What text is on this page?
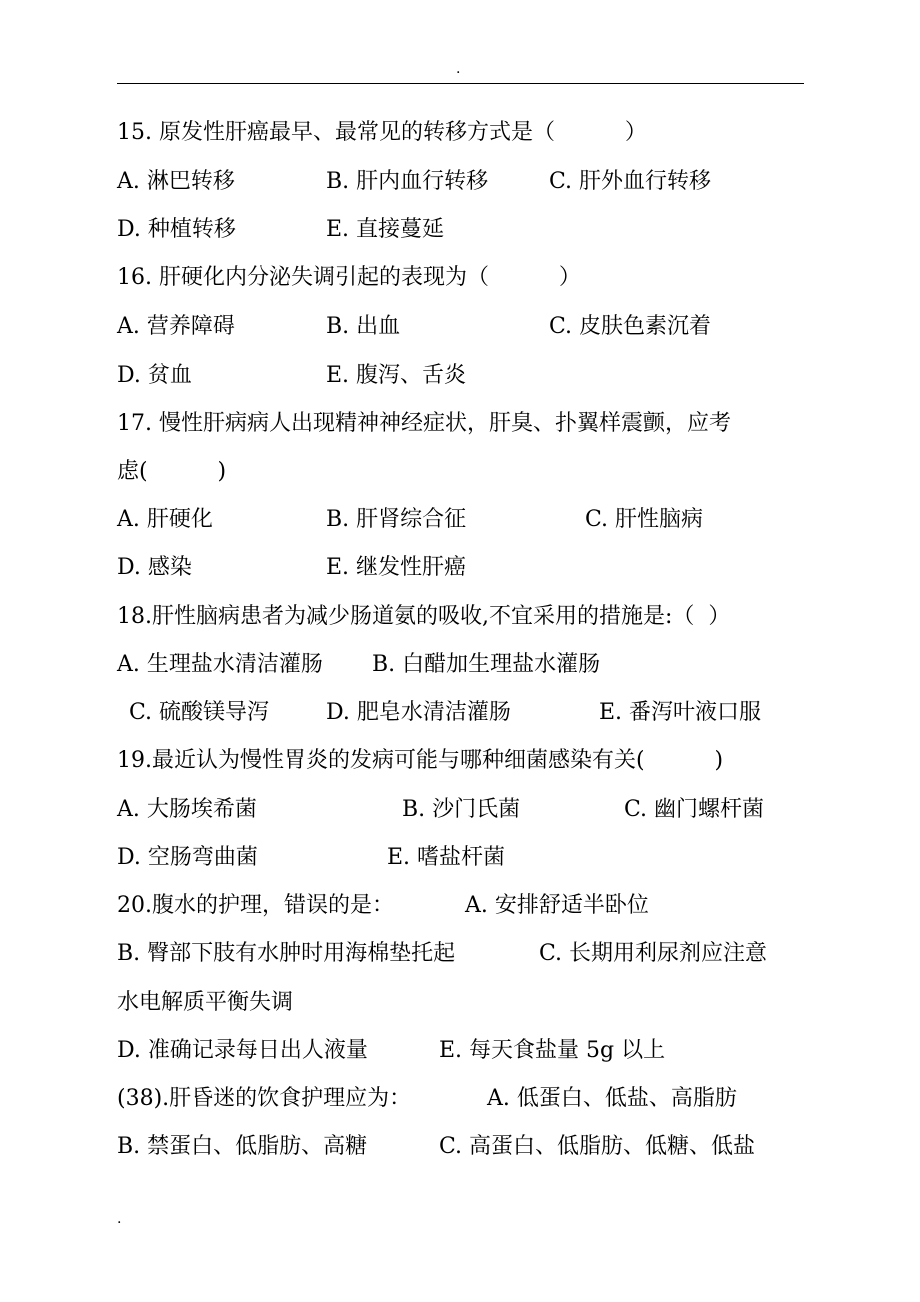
.

15. 原发性肝癌最早、最常见的转移方式是（          ）

A. 淋巴转移

	B. 肝内血行转移

	C. 肝外血行转移

D. 种植转移

	E. 直接蔓延

16. 肝硬化内分泌失调引起的表现为（          ）

A. 营养障碍

	B. 出血

	C. 皮肤色素沉着

D. 贫血

	E. 腹泻、舌炎

17. 慢性肝病病人出现精神神经症状，肝臭、扑翼样震颤，应考

虑(          )

A. 肝硬化

	B. 肝肾综合征

	C. 肝性脑病

D. 感染

	E. 继发性肝癌

18.肝性脑病患者为减少肠道氨的吸收,不宜采用的措施是:（  ）

A. 生理盐水清洁灌肠

B. 白醋加生理盐水灌肠

C. 硫酸镁导泻

	D. 肥皂水清洁灌肠

	E. 番泻叶液口服

19.最近认为慢性胃炎的发病可能与哪种细菌感染有关(          )

A. 大肠埃希菌

	B. 沙门氏菌

	C. 幽门螺杆菌

D. 空肠弯曲菌

	E. 嗜盐杆菌

20.腹水的护理，错误的是：

	A. 安排舒适半卧位

B. 臀部下肢有水肿时用海棉垫托起

	C. 长期用利尿剂应注意

水电解质平衡失调

D. 准确记录每日出人液量

	E. 每天食盐量 5g 以上

(38).肝昏迷的饮食护理应为：

	A. 低蛋白、低盐、高脂肪

B. 禁蛋白、低脂肪、高糖

	C. 高蛋白、低脂肪、低糖、低盐

.
